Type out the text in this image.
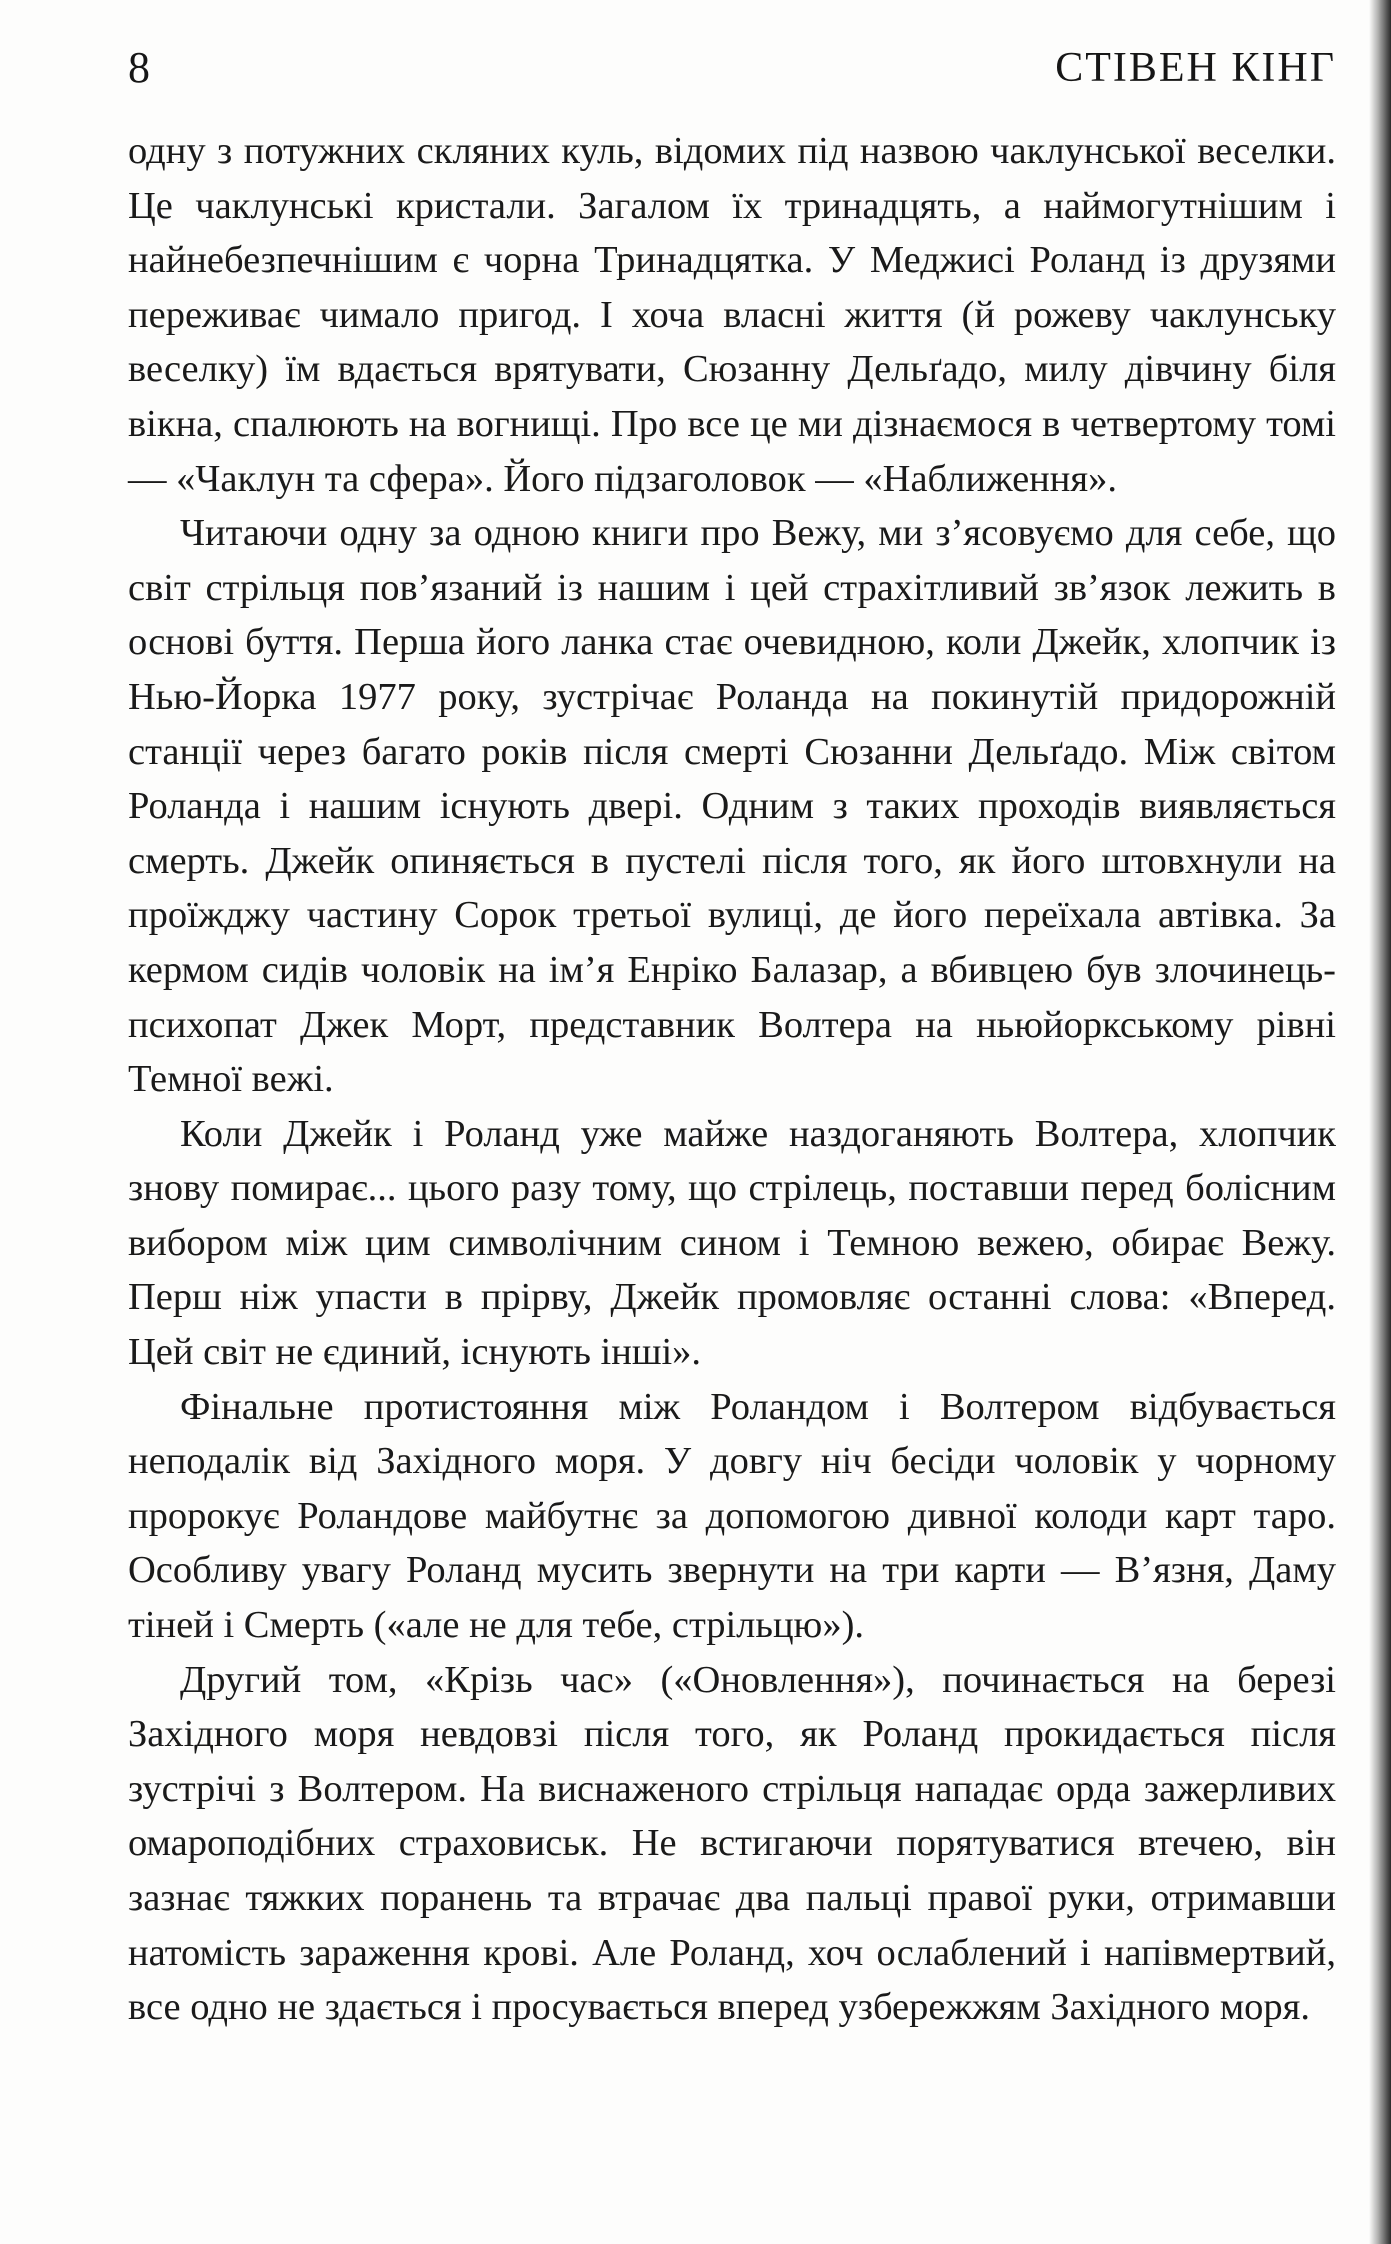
8	СТІВЕН КІНГ

одну з потужних скляних куль, відомих під назвою чаклунської веселки. Це чаклунські кристали. Загалом їх тринадцять, а наймогутнішим і найнебезпечнішим є чорна Тринадцятка. У Меджисі Роланд із друзями переживає чималo пригод. І хоча власні життя (й рожеву чаклунську веселку) їм вдається врятувати, Сюзанну Дельґадо, милу дівчину біля вікна, спалюють на вогнищі. Про все це ми дізнаємося в четвертому томі — «Чаклун та сфера». Його підзаголовок — «Наближення».

Читаючи одну за одною книги про Вежу, ми з’ясовуємо для себе, що світ стрільця пов’язаний із нашим і цей страхітливий зв’язок лежить в основі буття. Перша його ланка стає очевидною, коли Джейк, хлопчик із Нью-Йорка 1977 року, зустрічає Роланда на покинутій придорожній станції через багато років після смерті Сюзанни Дельґадо. Між світом Роланда і нашим існують двері. Одним з таких проходів виявляється смерть. Джейк опиняється в пустелі після того, як його штовхнули на проїжджу частину Сорок третьої вулиці, де його переїхала автівка. За кермом сидів чоловік на ім’я Енріко Балазар, а вбивцею був злочинець-психопат Джек Морт, представник Волтера на ньюйоркському рівні Темної вежі.

Коли Джейк і Роланд уже майже наздоганяють Волтера, хлопчик знову помирає... цього разу тому, що стрілець, поставши перед болісним вибором між цим символічним сином і Темною вежею, обирає Вежу. Перш ніж упасти в прірву, Джейк промовляє останні слова: «Вперед. Цей світ не єдиний, існують інші».

Фінальне протистояння між Роландом і Волтером відбувається неподалік від Західного моря. У довгу ніч бесіди чоловік у чорному пророкує Роландове майбутнє за допомогою дивної колоди карт таро. Особливу увагу Роланд мусить звернути на три карти — В’язня, Даму тіней і Смерть («але не для тебе, стрільцю»).

Другий том, «Крізь час» («Оновлення»), починається на березі Західного моря невдовзі після того, як Роланд прокидається після зустрічі з Волтером. На виснаженого стрільця нападає орда зажерливих омароподібних страховиськ. Не встигаючи порятуватися втечею, він зазнає тяжких поранень та втрачає два пальці правої руки, отримавши натомість зараження крові. Але Роланд, хоч ослаблений і напівмертвий, все одно не здається і просувається вперед узбережжям Західного моря.
